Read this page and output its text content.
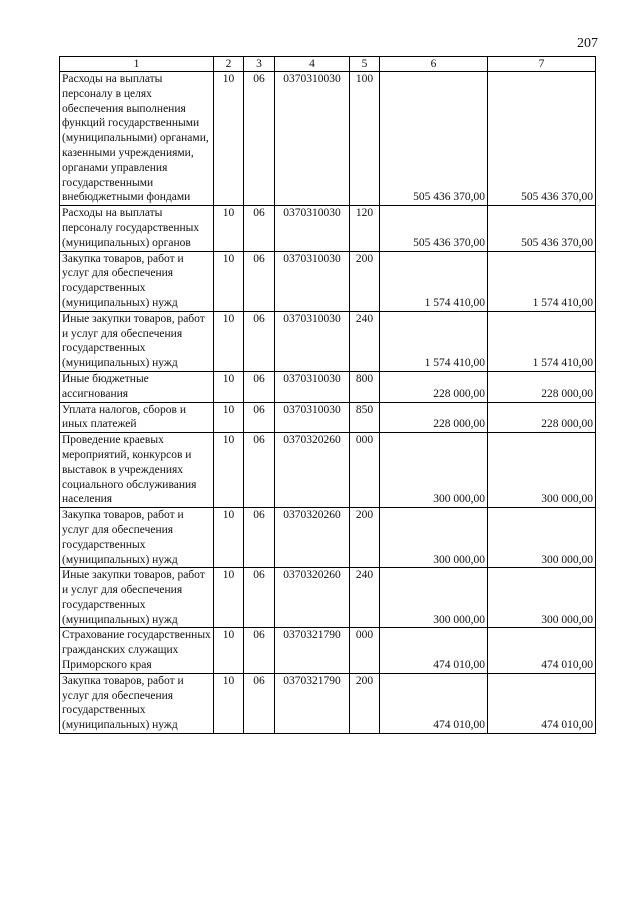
207
1	2	3	4	5	6	7
Расходы на выплаты персоналу в целях обеспечения выполнения функций государственными (муниципальными) органами, казенными учреждениями, органами управления государственными внебюджетными фондами	10	06	0370310030	100	505 436 370,00	505 436 370,00
Расходы на выплаты персоналу государственных (муниципальных) органов	10	06	0370310030	120	505 436 370,00	505 436 370,00
Закупка товаров, работ и услуг для обеспечения государственных (муниципальных) нужд	10	06	0370310030	200	1 574 410,00	1 574 410,00
Иные закупки товаров, работ и услуг для обеспечения государственных (муниципальных) нужд	10	06	0370310030	240	1 574 410,00	1 574 410,00
Иные бюджетные ассигнования	10	06	0370310030	800	228 000,00	228 000,00
Уплата налогов, сборов и иных платежей	10	06	0370310030	850	228 000,00	228 000,00
Проведение краевых мероприятий, конкурсов и выставок в учреждениях социального обслуживания населения	10	06	0370320260	000	300 000,00	300 000,00
Закупка товаров, работ и услуг для обеспечения государственных (муниципальных) нужд	10	06	0370320260	200	300 000,00	300 000,00
Иные закупки товаров, работ и услуг для обеспечения государственных (муниципальных) нужд	10	06	0370320260	240	300 000,00	300 000,00
Страхование государственных гражданских служащих Приморского края	10	06	0370321790	000	474 010,00	474 010,00
Закупка товаров, работ и услуг для обеспечения государственных (муниципальных) нужд	10	06	0370321790	200	474 010,00	474 010,00
